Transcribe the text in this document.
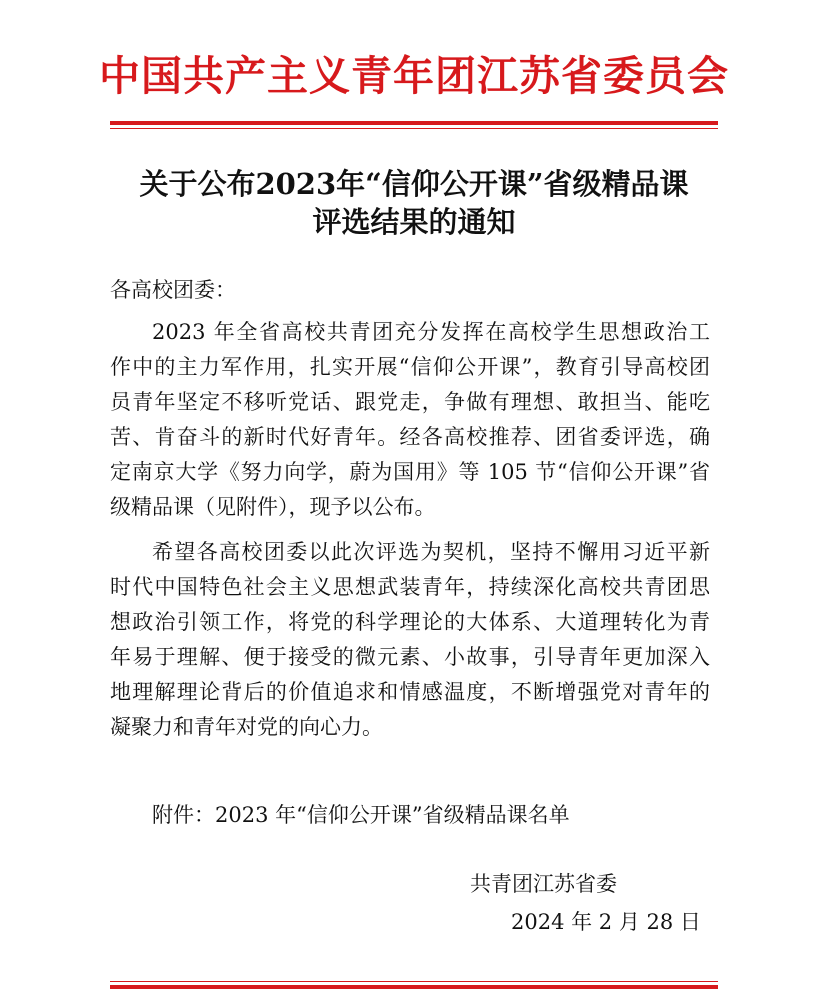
中国共产主义青年团江苏省委员会
关于公布2023年“信仰公开课”省级精品课
评选结果的通知
各高校团委：
2023 年全省高校共青团充分发挥在高校学生思想政治工
作中的主力军作用，扎实开展“信仰公开课”，教育引导高校团
员青年坚定不移听党话、跟党走，争做有理想、敢担当、能吃
苦、肯奋斗的新时代好青年。经各高校推荐、团省委评选，确
定南京大学《努力向学，蔚为国用》等 105 节“信仰公开课”省
级精品课（见附件），现予以公布。
希望各高校团委以此次评选为契机，坚持不懈用习近平新
时代中国特色社会主义思想武装青年，持续深化高校共青团思
想政治引领工作，将党的科学理论的大体系、大道理转化为青
年易于理解、便于接受的微元素、小故事，引导青年更加深入
地理解理论背后的价值追求和情感温度，不断增强党对青年的
凝聚力和青年对党的向心力。
附件：2023 年“信仰公开课”省级精品课名单
共青团江苏省委
2024 年 2 月 28 日
